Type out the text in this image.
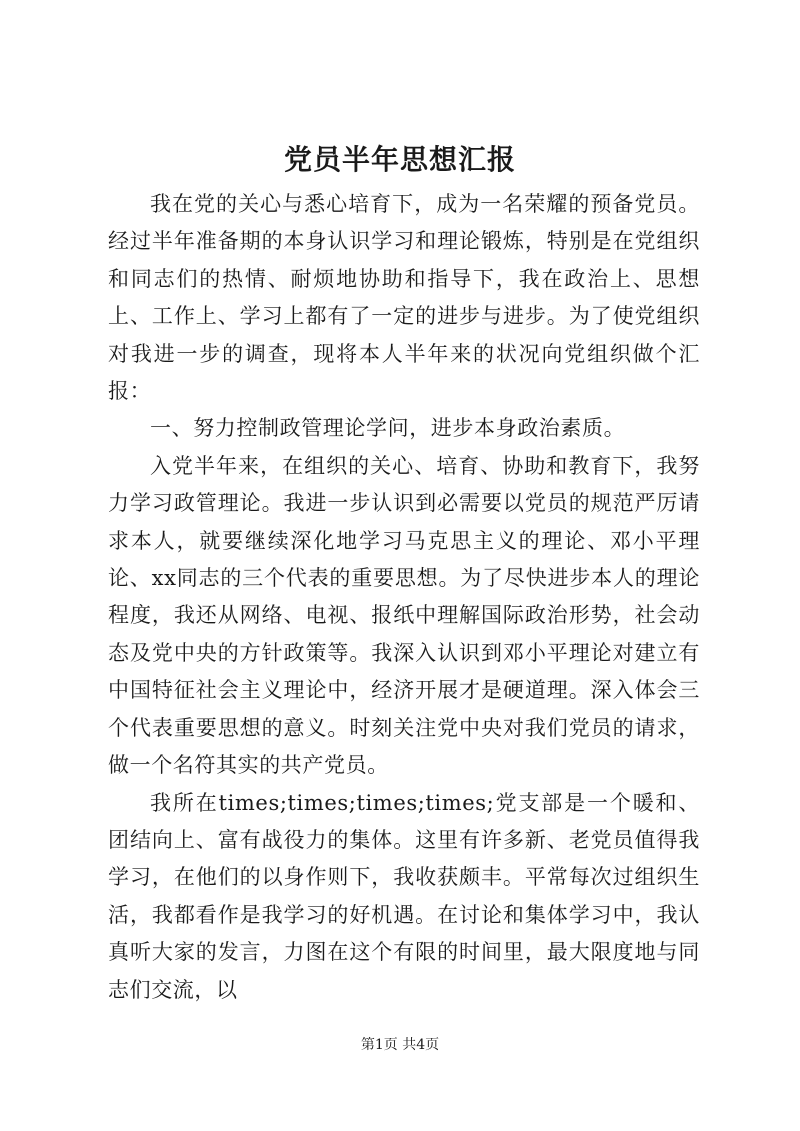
党员半年思想汇报

我在党的关心与悉心培育下，成为一名荣耀的预备党员。经过半年准备期的本身认识学习和理论锻炼，特别是在党组织和同志们的热情、耐烦地协助和指导下，我在政治上、思想上、工作上、学习上都有了一定的进步与进步。为了使党组织对我进一步的调查，现将本人半年来的状况向党组织做个汇报：

一、努力控制政管理论学问，进步本身政治素质。

入党半年来，在组织的关心、培育、协助和教育下，我努力学习政管理论。我进一步认识到必需要以党员的规范严厉请求本人，就要继续深化地学习马克思主义的理论、邓小平理论、xx同志的三个代表的重要思想。为了尽快进步本人的理论程度，我还从网络、电视、报纸中理解国际政治形势，社会动态及党中央的方针政策等。我深入认识到邓小平理论对建立有中国特征社会主义理论中，经济开展才是硬道理。深入体会三个代表重要思想的意义。时刻关注党中央对我们党员的请求，做一个名符其实的共产党员。

我所在times;times;times;times;党支部是一个暖和、团结向上、富有战役力的集体。这里有许多新、老党员值得我学习，在他们的以身作则下，我收获颇丰。平常每次过组织生活，我都看作是我学习的好机遇。在讨论和集体学习中，我认真听大家的发言，力图在这个有限的时间里，最大限度地与同志们交流，以

第1页 共4页
